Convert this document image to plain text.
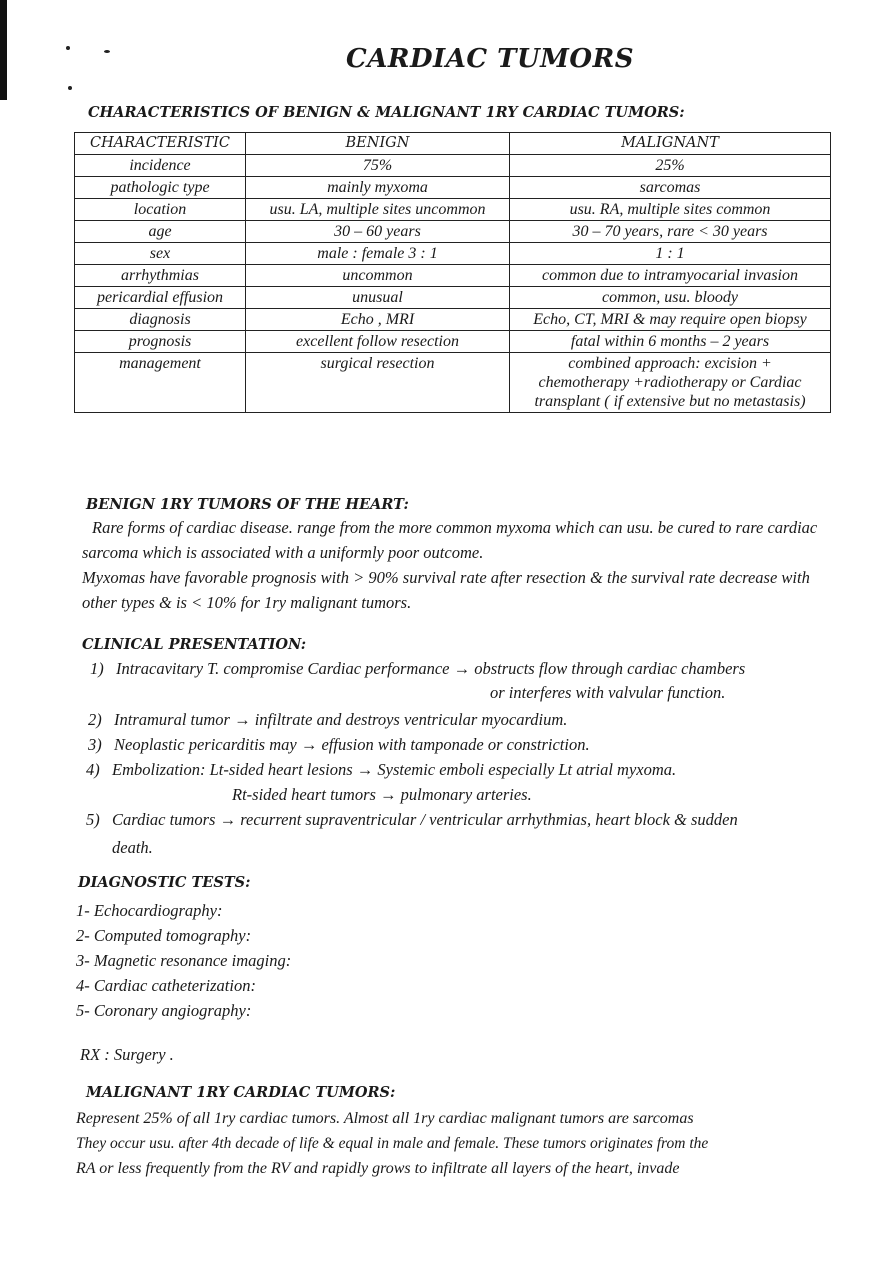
CARDIAC TUMORS
CHARACTERISTICS OF BENIGN & MALIGNANT 1RY CARDIAC TUMORS:
CHARACTERISTIC	BENIGN	MALIGNANT
incidence	75%	25%
pathologic type	mainly myxoma	sarcomas
location	usu. LA, multiple sites uncommon	usu. RA, multiple sites common
age	30 – 60 years	30 – 70 years, rare < 30 years
sex	male : female 3 : 1	1 : 1
arrhythmias	uncommon	common due to intramyocarial invasion
pericardial effusion	unusual	common, usu. bloody
diagnosis	Echo , MRI	Echo, CT, MRI & may require open biopsy
prognosis	excellent follow resection	fatal within 6 months – 2 years
management	surgical resection	combined approach: excision + chemotherapy +radiotherapy or Cardiac transplant ( if extensive but no metastasis)
BENIGN 1RY TUMORS OF THE HEART:
Rare forms of cardiac disease. range from the more common myxoma which can usu. be cured to rare cardiac sarcoma which is associated with a uniformly poor outcome.
Myxomas have favorable prognosis with > 90% survival rate after resection & the survival rate decrease with other types & is < 10% for 1ry malignant tumors.
CLINICAL PRESENTATION:
1) Intracavitary T. compromise Cardiac performance → obstructs flow through cardiac chambers
or interferes with valvular function.
2) Intramural tumor → infiltrate and destroys ventricular myocardium.
3) Neoplastic pericarditis may → effusion with tamponade or constriction.
4) Embolization: Lt-sided heart lesions → Systemic emboli especially Lt atrial myxoma.
Rt-sided heart tumors → pulmonary arteries.
5) Cardiac tumors → recurrent supraventricular / ventricular arrhythmias, heart block & sudden
death.
DIAGNOSTIC TESTS:
1- Echocardiography:
2- Computed tomography:
3- Magnetic resonance imaging:
4- Cardiac catheterization:
5- Coronary angiography:
RX : Surgery .
MALIGNANT 1RY CARDIAC TUMORS:
Represent 25% of all 1ry cardiac tumors. Almost all 1ry cardiac malignant tumors are sarcomas
They occur usu. after 4th decade of life & equal in male and female. These tumors originates from the
RA or less frequently from the RV and rapidly grows to infiltrate all layers of the heart, invade
